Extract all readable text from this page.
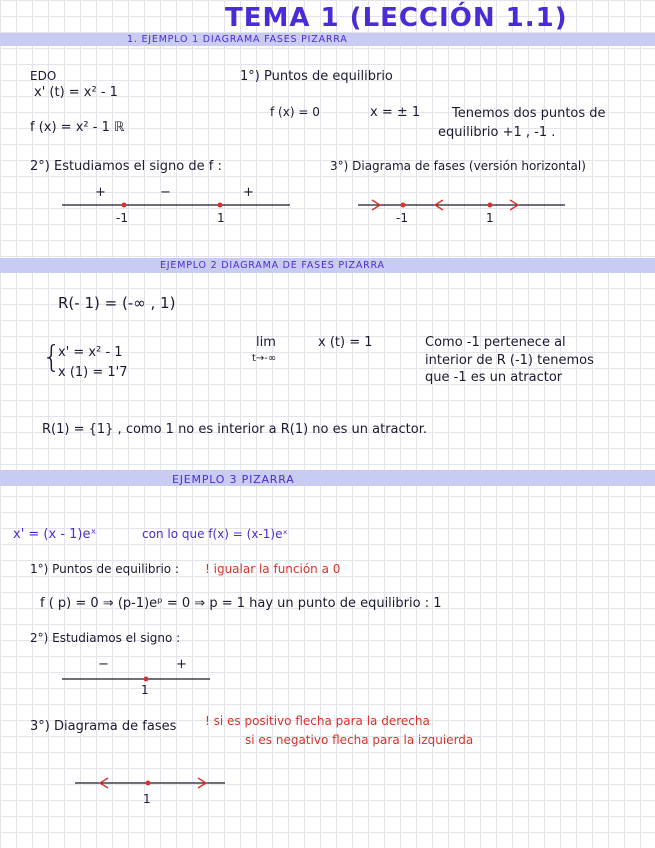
TEMA 1 (LECCIÓN 1.1)
1. EJEMPLO 1 DIAGRAMA FASES PIZARRA
EDO
x' (t) = x² - 1
f (x) = x² - 1 ℝ
1°) Puntos de equilibrio
f (x) = 0	x = ± 1 Tenemos dos puntos de
equilibrio +1 , -1 .
2°) Estudiamos el signo de f :	3°) Diagrama de fases (versión horizontal)
+	−	+
-1	1	-1	1
EJEMPLO 2 DIAGRAMA DE FASES PIZARRA
R(- 1) = (-∞ , 1)
{
x' = x² - 1
x (1) = 1'7
lim
t→-∞
x (t) = 1	Como -1 pertenece al
interior de R (-1) tenemos
que -1 es un atractor
R(1) = {1} , como 1 no es interior a R(1) no es un atractor.
EJEMPLO 3 PIZARRA
x' = (x - 1)eˣ	con lo que f(x) = (x-1)eˣ
1°) Puntos de equilibrio : ! igualar la función a 0
f ( p) = 0 ⇒ (p-1)eᵖ = 0 ⇒ p = 1 hay un punto de equilibrio : 1
2°) Estudiamos el signo :
−	+
1
3°) Diagrama de fases ! si es positivo flecha para la derecha
si es negativo flecha para la izquierda
1
